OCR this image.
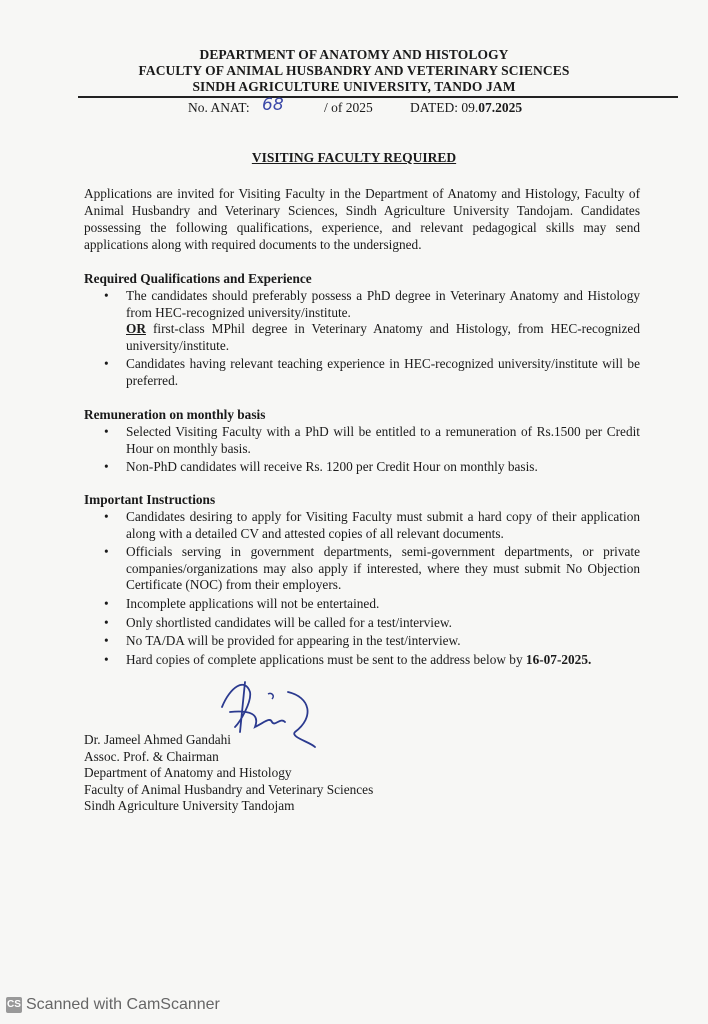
DEPARTMENT OF ANATOMY AND HISTOLOGY
FACULTY OF ANIMAL HUSBANDRY AND VETERINARY SCIENCES
SINDH AGRICULTURE UNIVERSITY, TANDO JAM
No. ANAT: 68	/ of 2025	DATED: 09.07.2025
VISITING FACULTY REQUIRED
Applications are invited for Visiting Faculty in the Department of Anatomy and Histology, Faculty of Animal Husbandry and Veterinary Sciences, Sindh Agriculture University Tandojam. Candidates possessing the following qualifications, experience, and relevant pedagogical skills may send applications along with required documents to the undersigned.
Required Qualifications and Experience
• The candidates should preferably possess a PhD degree in Veterinary Anatomy and Histology from HEC-recognized university/institute.
OR first-class MPhil degree in Veterinary Anatomy and Histology, from HEC-recognized university/institute.
• Candidates having relevant teaching experience in HEC-recognized university/institute will be preferred.
Remuneration on monthly basis
• Selected Visiting Faculty with a PhD will be entitled to a remuneration of Rs.1500 per Credit Hour on monthly basis.
• Non-PhD candidates will receive Rs. 1200 per Credit Hour on monthly basis.
Important Instructions
• Candidates desiring to apply for Visiting Faculty must submit a hard copy of their application along with a detailed CV and attested copies of all relevant documents.
• Officials serving in government departments, semi-government departments, or private companies/organizations may also apply if interested, where they must submit No Objection Certificate (NOC) from their employers.
• Incomplete applications will not be entertained.
• Only shortlisted candidates will be called for a test/interview.
• No TA/DA will be provided for appearing in the test/interview.
• Hard copies of complete applications must be sent to the address below by 16-07-2025.
Dr. Jameel Ahmed Gandahi
Assoc. Prof. & Chairman
Department of Anatomy and Histology
Faculty of Animal Husbandry and Veterinary Sciences
Sindh Agriculture University Tandojam
CS Scanned with CamScanner
